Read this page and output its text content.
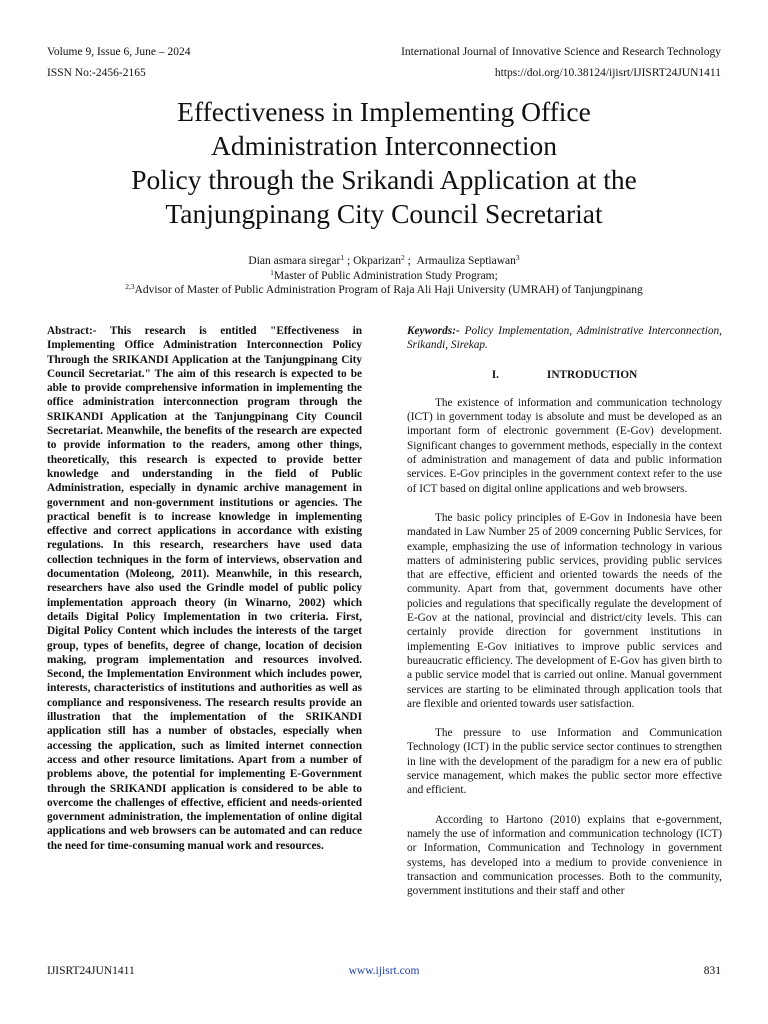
Volume 9, Issue 6, June – 2024
ISSN No:-2456-2165
International Journal of Innovative Science and Research Technology
https://doi.org/10.38124/ijisrt/IJISRT24JUN1411
Effectiveness in Implementing Office
Administration Interconnection
Policy through the Srikandi Application at the
Tanjungpinang City Council Secretariat
Dian asmara siregar$^1$ ; Okparizan$^2$ ;  Armauliza Septiawan$^3$
$^1$Master of Public Administration Study Program;
$^{2,3}$Advisor of Master of Public Administration Program of Raja Ali Haji University (UMRAH) of Tanjungpinang

Abstract:- This research is entitled "Effectiveness in Implementing Office Administration Interconnection Policy Through the SRIKANDI Application at the Tanjungpinang City Council Secretariat." The aim of this research is expected to be able to provide comprehensive information in implementing the office administration interconnection program through the SRIKANDI Application at the Tanjungpinang City Council Secretariat. Meanwhile, the benefits of the research are expected to provide information to the readers, among other things, theoretically, this research is expected to provide better knowledge and understanding in the field of Public Administration, especially in dynamic archive management in government and non-government institutions or agencies. The practical benefit is to increase knowledge in implementing effective and correct applications in accordance with existing regulations. In this research, researchers have used data collection techniques in the form of interviews, observation and documentation (Moleong, 2011). Meanwhile, in this research, researchers have also used the Grindle model of public policy implementation approach theory (in Winarno, 2002) which details Digital Policy Implementation in two criteria. First, Digital Policy Content which includes the interests of the target group, types of benefits, degree of change, location of decision making, program implementation and resources involved. Second, the Implementation Environment which includes power, interests, characteristics of institutions and authorities as well as compliance and responsiveness. The research results provide an illustration that the implementation of the SRIKANDI application still has a number of obstacles, especially when accessing the application, such as limited internet connection access and other resource limitations. Apart from a number of problems above, the potential for implementing E-Government through the SRIKANDI application is considered to be able to overcome the challenges of effective, efficient and needs-oriented government administration, the implementation of online digital applications and web browsers can be automated and can reduce the need for time-consuming manual work and resources.

Keywords:- Policy Implementation, Administrative Interconnection, Srikandi, Sirekap.

I.	INTRODUCTION

The existence of information and communication technology (ICT) in government today is absolute and must be developed as an important form of electronic government (E-Gov) development. Significant changes to government methods, especially in the context of administration and management of data and public information services. E-Gov principles in the government context refer to the use of ICT based on digital online applications and web browsers.

The basic policy principles of E-Gov in Indonesia have been mandated in Law Number 25 of 2009 concerning Public Services, for example, emphasizing the use of information technology in various matters of administering public services, providing public services that are effective, efficient and oriented towards the needs of the community. Apart from that, government documents have other policies and regulations that specifically regulate the development of E-Gov at the national, provincial and district/city levels. This can certainly provide direction for government institutions in implementing E-Gov initiatives to improve public services and bureaucratic efficiency. The development of E-Gov has given birth to a public service model that is carried out online. Manual government services are starting to be eliminated through application tools that are flexible and oriented towards user satisfaction.

The pressure to use Information and Communication Technology (ICT) in the public service sector continues to strengthen in line with the development of the paradigm for a new era of public service management, which makes the public sector more effective and efficient.

According to Hartono (2010) explains that e-government, namely the use of information and communication technology (ICT) or Information, Communication and Technology in government systems, has developed into a medium to provide convenience in transaction and communication processes. Both to the community, government institutions and their staff and other

IJISRT24JUN1411	www.ijisrt.com	831
